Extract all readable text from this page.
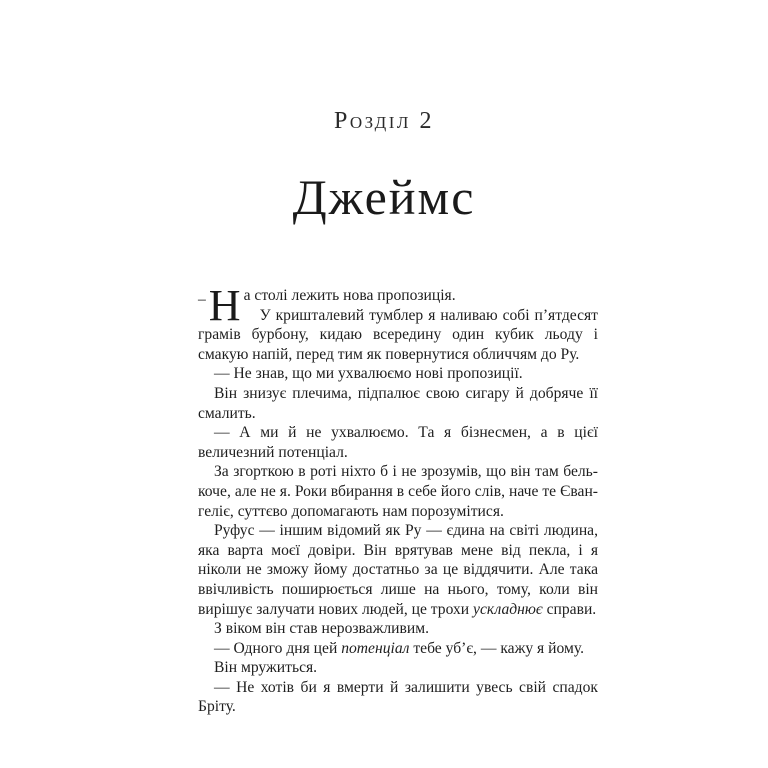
Розділ 2
Джеймс

– Н а столі лежить нова пропозиція.

У кришталевий тумблер я наливаю собі п’ятдесят грамів бурбону, кидаю всередину один кубик льоду і смакую напій, перед тим як повернутися обличчям до Ру.

— Не знав, що ми ухвалюємо нові пропозиції.

Він знизує плечима, підпалює свою сигару й добряче її смалить.

— А ми й не ухвалюємо. Та я бізнесмен, а в цієї величезний потенціал.

За згорткою в роті ніхто б і не зрозумів, що він там белькоче, але не я. Роки вбирання в себе його слів, наче те Євангеліє, суттєво допомагають нам порозумітися.

Руфус — іншим відомий як Ру — єдина на світі людина, яка варта моєї довіри. Він врятував мене від пекла, і я ніколи не зможу йому достатньо за це віддячити. Але така ввічливість поширюється лише на нього, тому, коли він вирішує залучати нових людей, це трохи ускладнює справи.

З віком він став нерозважливим.

— Одного дня цей потенціал тебе уб’є, — кажу я йому.

Він мружиться.

— Не хотів би я вмерти й залишити увесь свій спадок Бріту.
